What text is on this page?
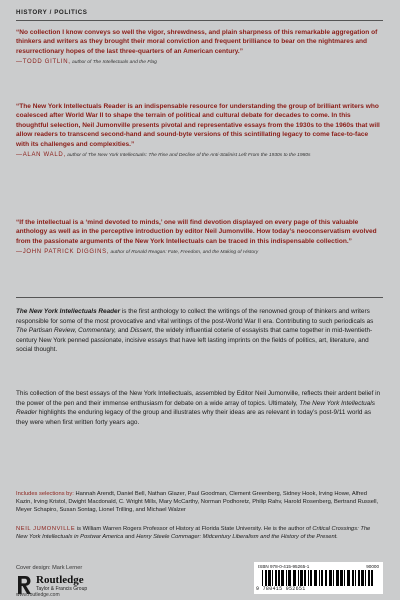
HISTORY / POLITICS

“No collection I know conveys so well the vigor, shrewdness, and plain sharpness of this remarkable aggregation of thinkers and writers as they brought their moral conviction and frequent brilliance to bear on the nightmares and resurrectionary hopes of the last three-quarters of an American century.”

—TODD GITLIN, author of The Intellectuals and the Flag

“The New York Intellectuals Reader is an indispensable resource for understanding the group of brilliant writers who coalesced after World War II to shape the terrain of political and cultural debate for decades to come. In this thoughtful selection, Neil Jumonville presents pivotal and representative essays from the 1930s to the 1960s that will allow readers to transcend second-hand and sound-byte versions of this scintillating legacy to come face-to-face with its challenges and complexities.”

—ALAN WALD, author of The New York Intellectuals: The Rise and Decline of the Anti-Stalinist Left From the 1930s to the 1980s

“If the intellectual is a ‘mind devoted to minds,’ one will find devotion displayed on every page of this valuable anthology as well as in the perceptive introduction by editor Neil Jumonville. How today’s neoconservatism evolved from the passionate arguments of the New York Intellectuals can be traced in this indispensable collection.”

—JOHN PATRICK DIGGINS, author of Ronald Reagan: Fate, Freedom, and the Making of History

The New York Intellectuals Reader is the first anthology to collect the writings of the renowned group of thinkers and writers responsible for some of the most provocative and vital writings of the post-World War II era. Contributing to such periodicals as The Partisan Review, Commentary, and Dissent, the widely influential coterie of essayists that came together in mid-twentieth-century New York penned passionate, incisive essays that have left lasting imprints on the fields of politics, art, literature, and social thought.

This collection of the best essays of the New York Intellectuals, assembled by Editor Neil Jumonville, reflects their ardent belief in the power of the pen and their immense enthusiasm for debate on a wide array of topics. Ultimately, The New York Intellectuals Reader highlights the enduring legacy of the group and illustrates why their ideas are as relevant in today’s post-9/11 world as they were when first written forty years ago.

Includes selections by: Hannah Arendt, Daniel Bell, Nathan Glazer, Paul Goodman, Clement Greenberg, Sidney Hook, Irving Howe, Alfred Kazin, Irving Kristol, Dwight Macdonald, C. Wright Mills, Mary McCarthy, Norman Podhoretz, Philip Rahv, Harold Rosenberg, Bertrand Russell, Meyer Schapiro, Susan Sontag, Lionel Trilling, and Michael Walzer

NEIL JUMONVILLE is William Warren Rogers Professor of History at Florida State University. He is the author of Critical Crossings: The New York Intellectuals in Postwar America and Henry Steele Commager: Midcentury Liberalism and the History of the Present.

Cover design: Mark Lerner
Routledge
Taylor & Francis Group
www.routledge.com
ISBN 978-0-415-95265-1	90000
9 780415 952651
